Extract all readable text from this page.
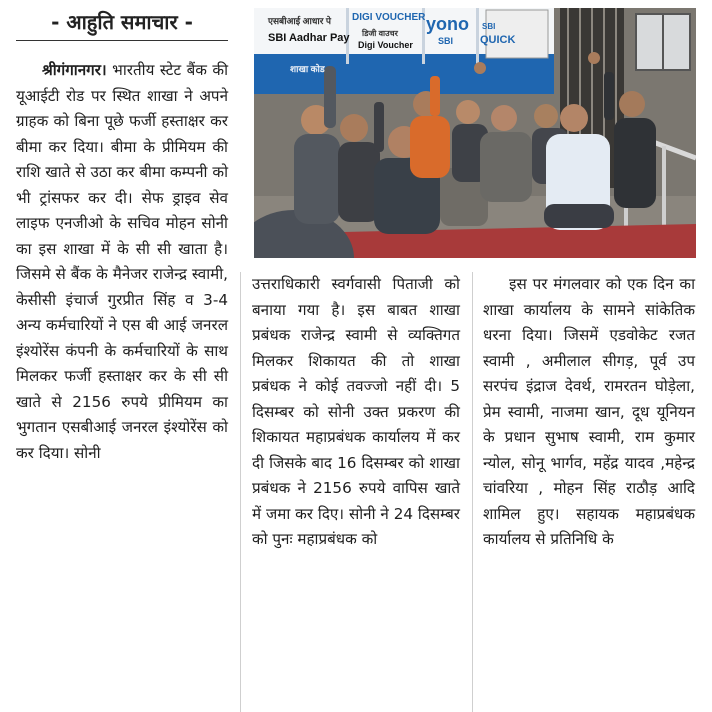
- आहुति समाचार -

श्रीगंगानगर। भारतीय स्टेट बैंक की यूआईटी रोड पर स्थित शाखा ने अपने ग्राहक को बिना पूछे फर्जी हस्ताक्षर कर बीमा कर दिया। बीमा के प्रीमियम की राशि खाते से उठा कर बीमा कम्पनी को भी ट्रांसफर कर दी। सेफ ड्राइव सेव लाइफ एनजीओ के सचिव मोहन सोनी का इस शाखा में के सी सी खाता है। जिसमे से बैंक के मैनेजर राजेन्द्र स्वामी, केसीसी इंचार्ज गुरप्रीत सिंह व 3-4 अन्य कर्मचारियों ने एस बी आई जनरल इंश्योरेंस कंपनी के कर्मचारियों के साथ मिलकर फर्जी हस्ताक्षर कर के सी सी खाते से 2156 रुपये प्रीमियम का भुगतान एसबीआई जनरल इंश्योरेंस को कर दिया। सोनी

एसबीआई आधार पे
SBI Aadhar Pay
DIGI VOUCHER
डिजी वाउचर
Digi Voucher
yono
SBI
SBI
QUICK
शाखा कोड

उत्तराधिकारी स्वर्गवासी पिताजी को बनाया गया है। इस बाबत शाखा प्रबंधक राजेन्द्र स्वामी से व्यक्तिगत मिलकर शिकायत की तो शाखा प्रबंधक ने कोई तवज्जो नहीं दी। 5 दिसम्बर को सोनी उक्त प्रकरण की शिकायत महाप्रबंधक कार्यालय में कर दी जिसके बाद 16 दिसम्बर को शाखा प्रबंधक ने 2156 रुपये वापिस खाते में जमा कर दिए। सोनी ने 24 दिसम्बर को पुनः महाप्रबंधक को

इस पर मंगलवार को एक दिन का शाखा कार्यालय के सामने सांकेतिक धरना दिया। जिसमें एडवोकेट रजत स्वामी , अमीलाल सीगड़, पूर्व उप सरपंच इंद्राज देवर्थ, रामरतन घोड़ेला, प्रेम स्वामी, नाजमा खान, दूध यूनियन के प्रधान सुभाष स्वामी, राम कुमार न्योल, सोनू भार्गव, महेंद्र यादव ,महेन्द्र चांवरिया , मोहन सिंह राठौड़ आदि शामिल हुए। सहायक महाप्रबंधक कार्यालय से प्रतिनिधि के
